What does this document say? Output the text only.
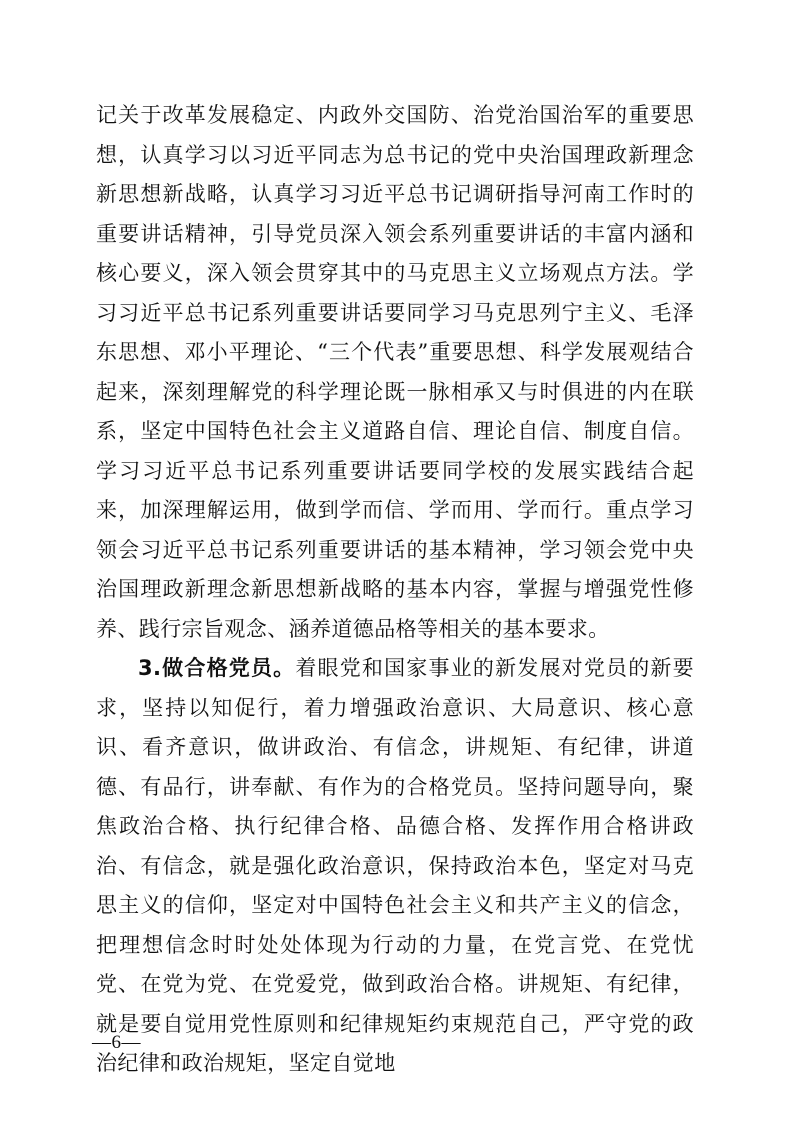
记关于改革发展稳定、内政外交国防、治党治国治军的重要思想，认真学习以习近平同志为总书记的党中央治国理政新理念新思想新战略，认真学习习近平总书记调研指导河南工作时的重要讲话精神，引导党员深入领会系列重要讲话的丰富内涵和核心要义，深入领会贯穿其中的马克思主义立场观点方法。学习习近平总书记系列重要讲话要同学习马克思列宁主义、毛泽东思想、邓小平理论、“三个代表”重要思想、科学发展观结合起来，深刻理解党的科学理论既一脉相承又与时俱进的内在联系，坚定中国特色社会主义道路自信、理论自信、制度自信。学习习近平总书记系列重要讲话要同学校的发展实践结合起来，加深理解运用，做到学而信、学而用、学而行。重点学习领会习近平总书记系列重要讲话的基本精神，学习领会党中央治国理政新理念新思想新战略的基本内容，掌握与增强党性修养、践行宗旨观念、涵养道德品格等相关的基本要求。

3.做合格党员。着眼党和国家事业的新发展对党员的新要求，坚持以知促行，着力增强政治意识、大局意识、核心意识、看齐意识，做讲政治、有信念，讲规矩、有纪律，讲道德、有品行，讲奉献、有作为的合格党员。坚持问题导向，聚焦政治合格、执行纪律合格、品德合格、发挥作用合格讲政治、有信念，就是强化政治意识，保持政治本色，坚定对马克思主义的信仰，坚定对中国特色社会主义和共产主义的信念，把理想信念时时处处体现为行动的力量，在党言党、在党忧党、在党为党、在党爱党，做到政治合格。讲规矩、有纪律，就是要自觉用党性原则和纪律规矩约束规范自己，严守党的政治纪律和政治规矩，坚定自觉地

—6—
